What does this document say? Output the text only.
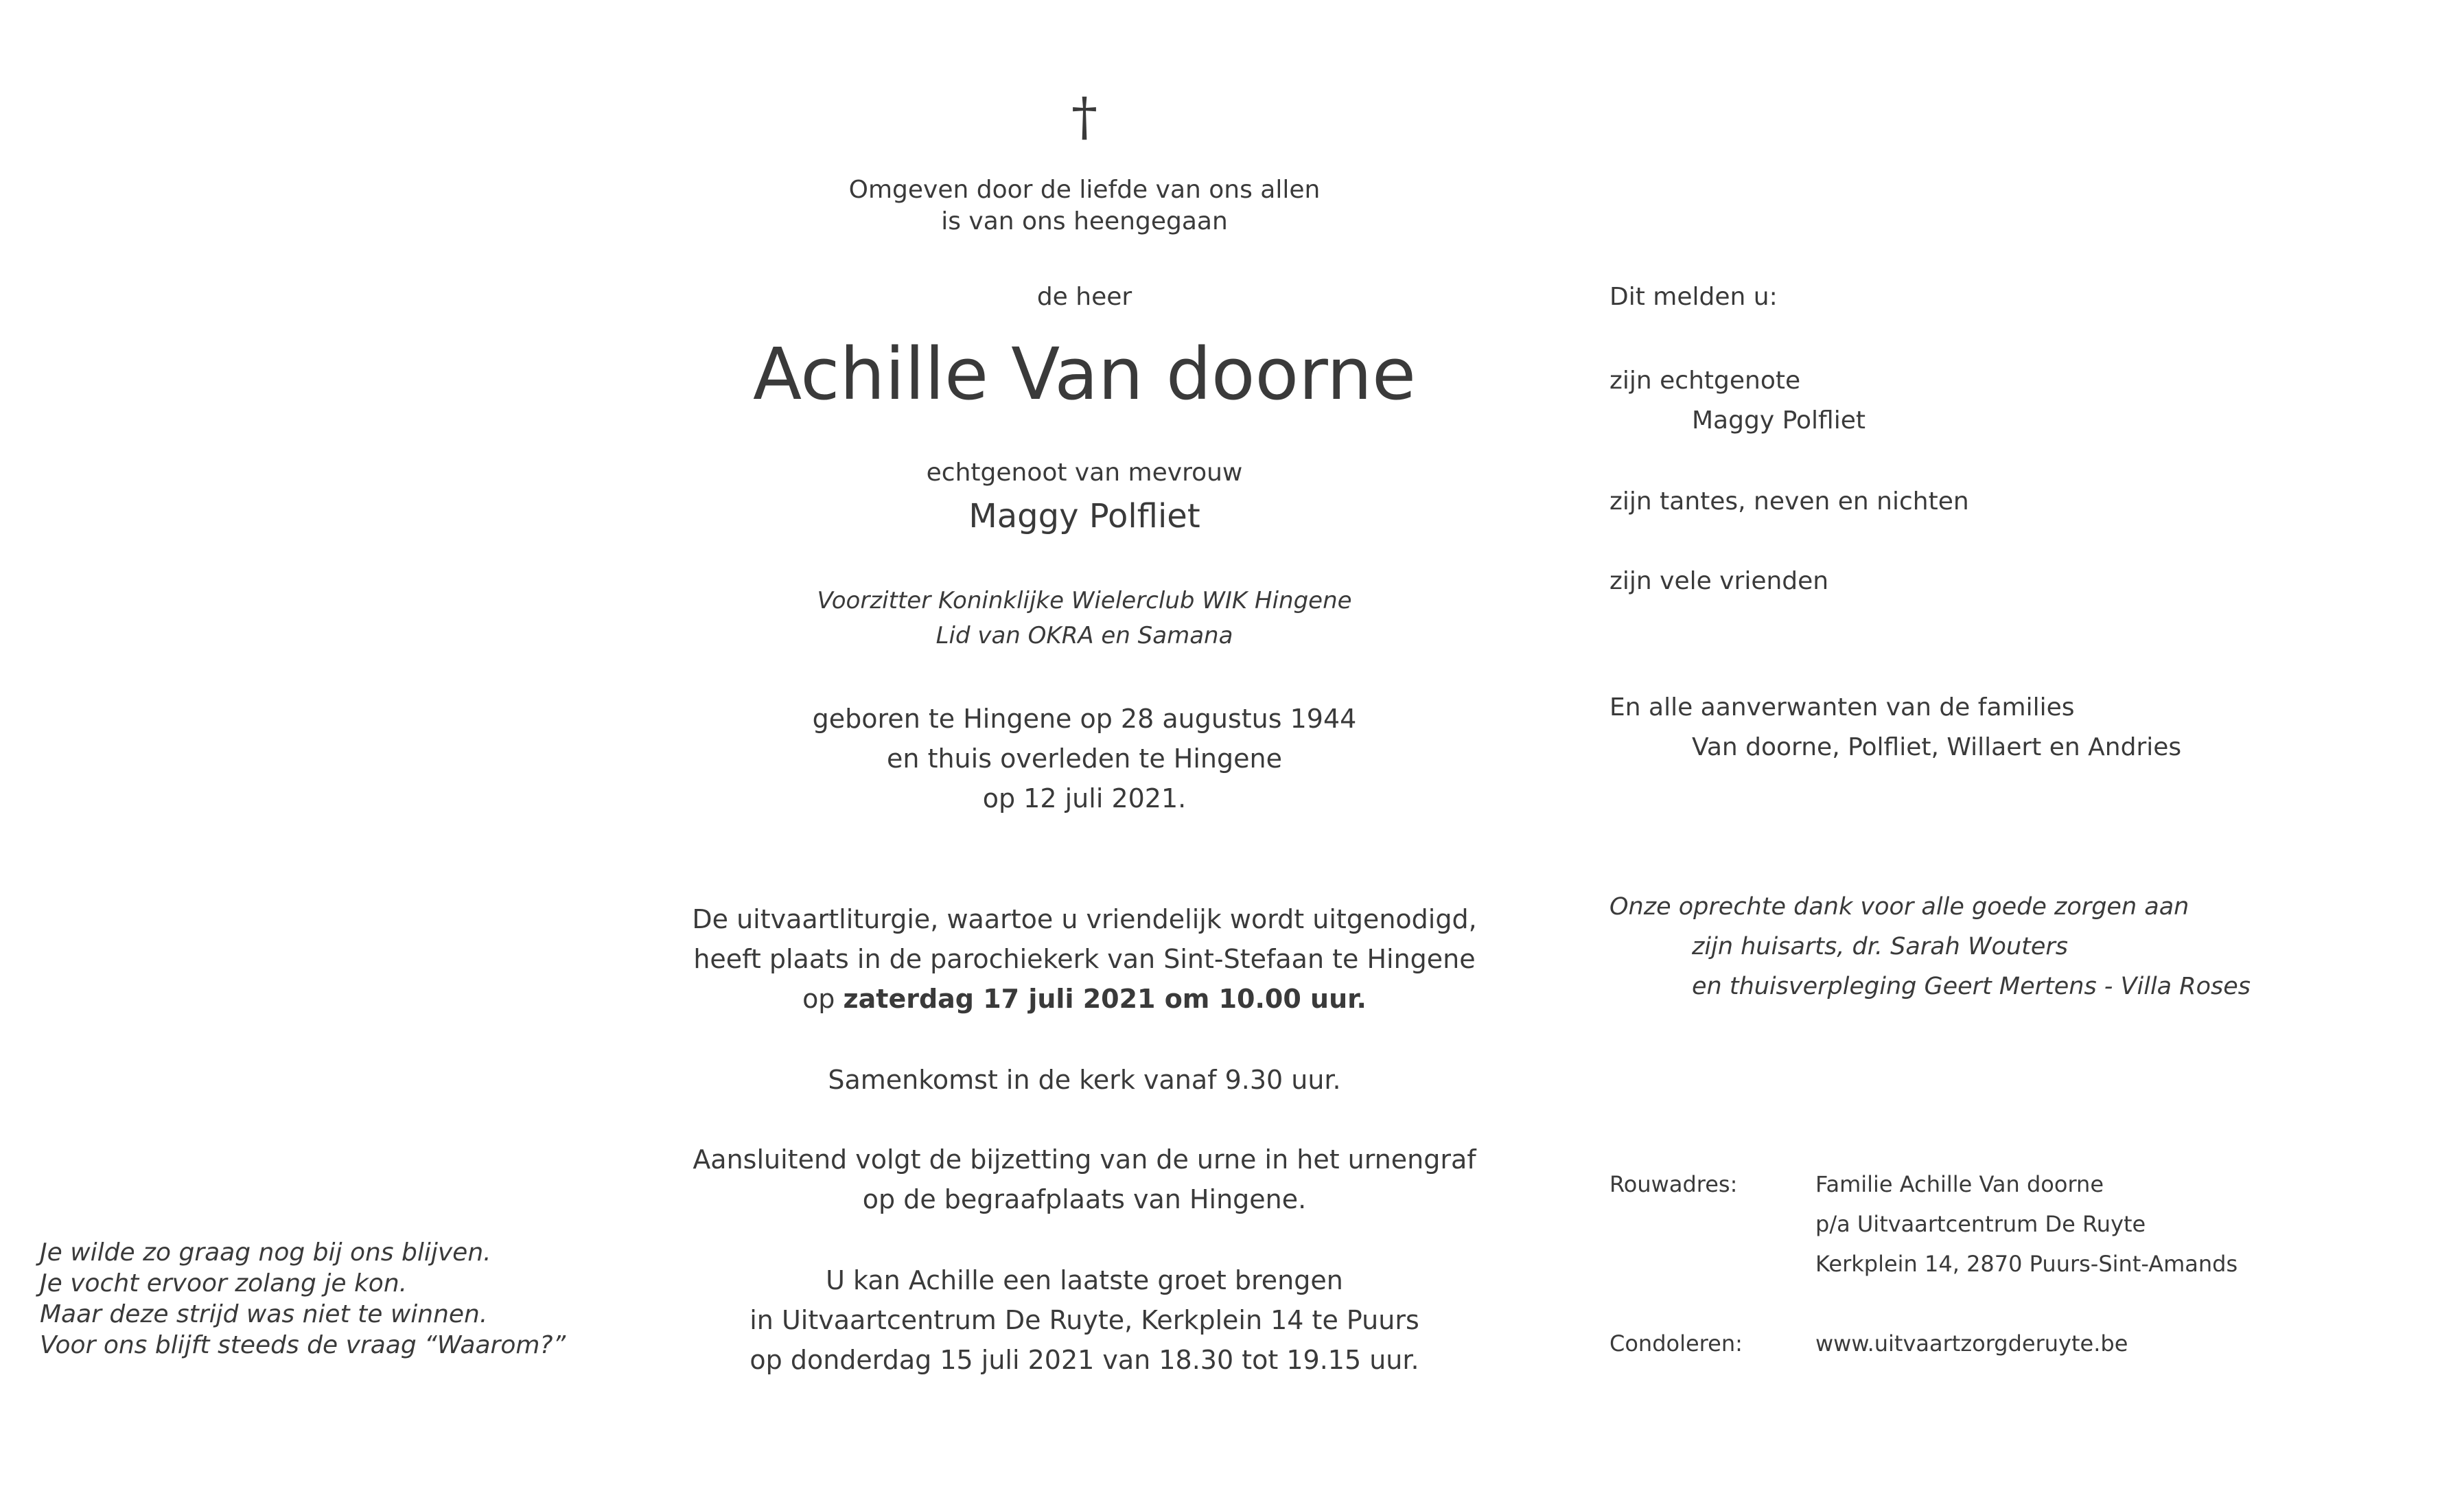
†
Omgeven door de liefde van ons allen
is van ons heengegaan
de heer
Achille Van doorne
echtgenoot van mevrouw
Maggy Polfliet
Voorzitter Koninklijke Wielerclub WIK Hingene
Lid van OKRA en Samana
geboren te Hingene op 28 augustus 1944
en thuis overleden te Hingene
op 12 juli 2021.
De uitvaartliturgie, waartoe u vriendelijk wordt uitgenodigd,
heeft plaats in de parochiekerk van Sint-Stefaan te Hingene
op zaterdag 17 juli 2021 om 10.00 uur.
Samenkomst in de kerk vanaf 9.30 uur.
Aansluitend volgt de bijzetting van de urne in het urnengraf
op de begraafplaats van Hingene.
U kan Achille een laatste groet brengen
in Uitvaartcentrum De Ruyte, Kerkplein 14 te Puurs
op donderdag 15 juli 2021 van 18.30 tot 19.15 uur.
Je wilde zo graag nog bij ons blijven.
Je vocht ervoor zolang je kon.
Maar deze strijd was niet te winnen.
Voor ons blijft steeds de vraag “Waarom?”
Dit melden u:
zijn echtgenote
Maggy Polfliet
zijn tantes, neven en nichten
zijn vele vrienden
En alle aanverwanten van de families
Van doorne, Polfliet, Willaert en Andries
Onze oprechte dank voor alle goede zorgen aan
zijn huisarts, dr. Sarah Wouters
en thuisverpleging Geert Mertens - Villa Roses
Rouwadres:	Familie Achille Van doorne
p/a Uitvaartcentrum De Ruyte
Kerkplein 14, 2870 Puurs-Sint-Amands
Condoleren:	www.uitvaartzorgderuyte.be
